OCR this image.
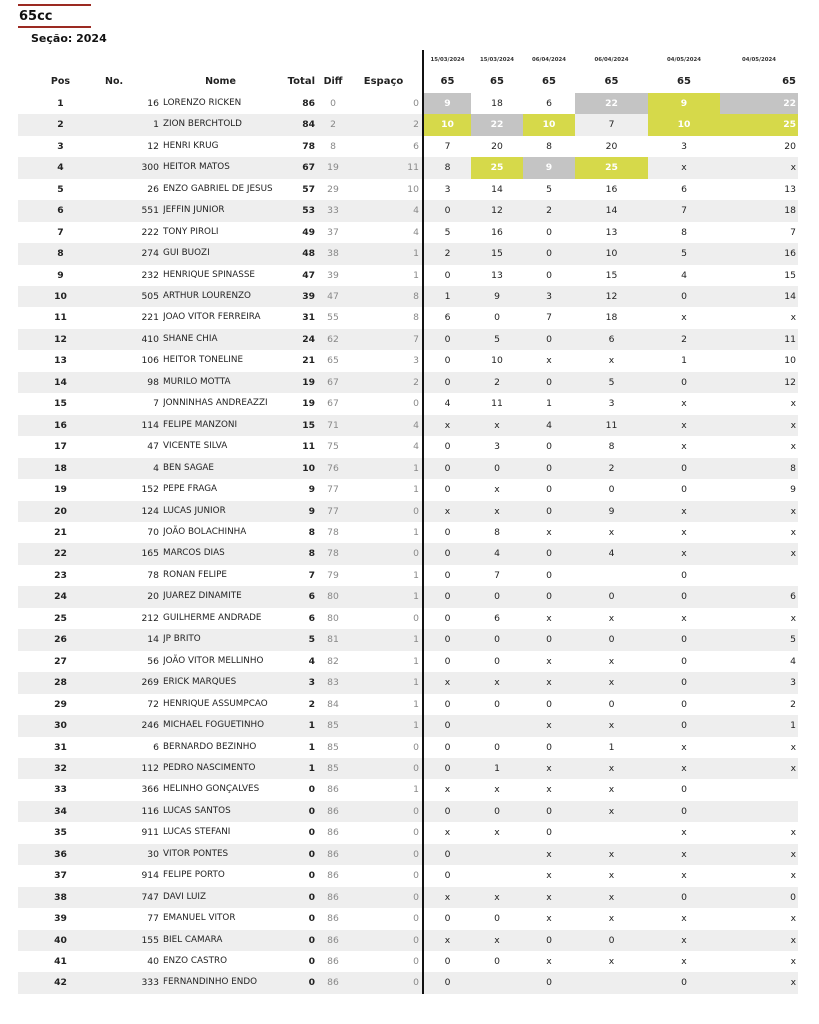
65cc
Seção: 2024
						15/03/2024	15/03/2024	06/04/2024	06/04/2024	04/05/2024	04/05/2024
Pos	No.	Nome	Total	Diff	Espaço	65	65	65	65	65	65
1	16	LORENZO RICKEN	86	0	0	9	18	6	22	9	22
2	1	ZION BERCHTOLD	84	2	2	10	22	10	7	10	25
3	12	HENRI KRUG	78	8	6	7	20	8	20	3	20
4	300	HEITOR MATOS	67	19	11	8	25	9	25	x	x
5	26	ENZO GABRIEL DE JESUS	57	29	10	3	14	5	16	6	13
6	551	JEFFIN JUNIOR	53	33	4	0	12	2	14	7	18
7	222	TONY PIROLI	49	37	4	5	16	0	13	8	7
8	274	GUI BUOZI	48	38	1	2	15	0	10	5	16
9	232	HENRIQUE SPINASSE	47	39	1	0	13	0	15	4	15
10	505	ARTHUR LOURENZO	39	47	8	1	9	3	12	0	14
11	221	JOAO VITOR FERREIRA	31	55	8	6	0	7	18	x	x
12	410	SHANE CHIA	24	62	7	0	5	0	6	2	11
13	106	HEITOR TONELINE	21	65	3	0	10	x	x	1	10
14	98	MURILO MOTTA	19	67	2	0	2	0	5	0	12
15	7	JONNINHAS ANDREAZZI	19	67	0	4	11	1	3	x	x
16	114	FELIPE MANZONI	15	71	4	x	x	4	11	x	x
17	47	VICENTE SILVA	11	75	4	0	3	0	8	x	x
18	4	BEN SAGAE	10	76	1	0	0	0	2	0	8
19	152	PEPE FRAGA	9	77	1	0	x	0	0	0	9
20	124	LUCAS JUNIOR	9	77	0	x	x	0	9	x	x
21	70	JOÃO BOLACHINHA	8	78	1	0	8	x	x	x	x
22	165	MARCOS DIAS	8	78	0	0	4	0	4	x	x
23	78	RONAN FELIPE	7	79	1	0	7	0		0	
24	20	JUAREZ DINAMITE	6	80	1	0	0	0	0	0	6
25	212	GUILHERME ANDRADE	6	80	0	0	6	x	x	x	x
26	14	JP BRITO	5	81	1	0	0	0	0	0	5
27	56	JOÃO VITOR MELLINHO	4	82	1	0	0	x	x	0	4
28	269	ERICK MARQUES	3	83	1	x	x	x	x	0	3
29	72	HENRIQUE ASSUMPCAO	2	84	1	0	0	0	0	0	2
30	246	MICHAEL FOGUETINHO	1	85	1	0		x	x	0	1
31	6	BERNARDO BEZINHO	1	85	0	0	0	0	1	x	x
32	112	PEDRO NASCIMENTO	1	85	0	0	1	x	x	x	x
33	366	HELINHO GONÇALVES	0	86	1	x	x	x	x	0	
34	116	LUCAS SANTOS	0	86	0	0	0	0	x	0	
35	911	LUCAS STEFANI	0	86	0	x	x	0		x	x
36	30	VITOR PONTES	0	86	0	0		x	x	x	x
37	914	FELIPE PORTO	0	86	0	0		x	x	x	x
38	747	DAVI LUIZ	0	86	0	x	x	x	x	0	0
39	77	EMANUEL VITOR	0	86	0	0	0	x	x	x	x
40	155	BIEL CAMARA	0	86	0	x	x	0	0	x	x
41	40	ENZO CASTRO	0	86	0	0	0	x	x	x	x
42	333	FERNANDINHO ENDO	0	86	0	0		0		0	x
